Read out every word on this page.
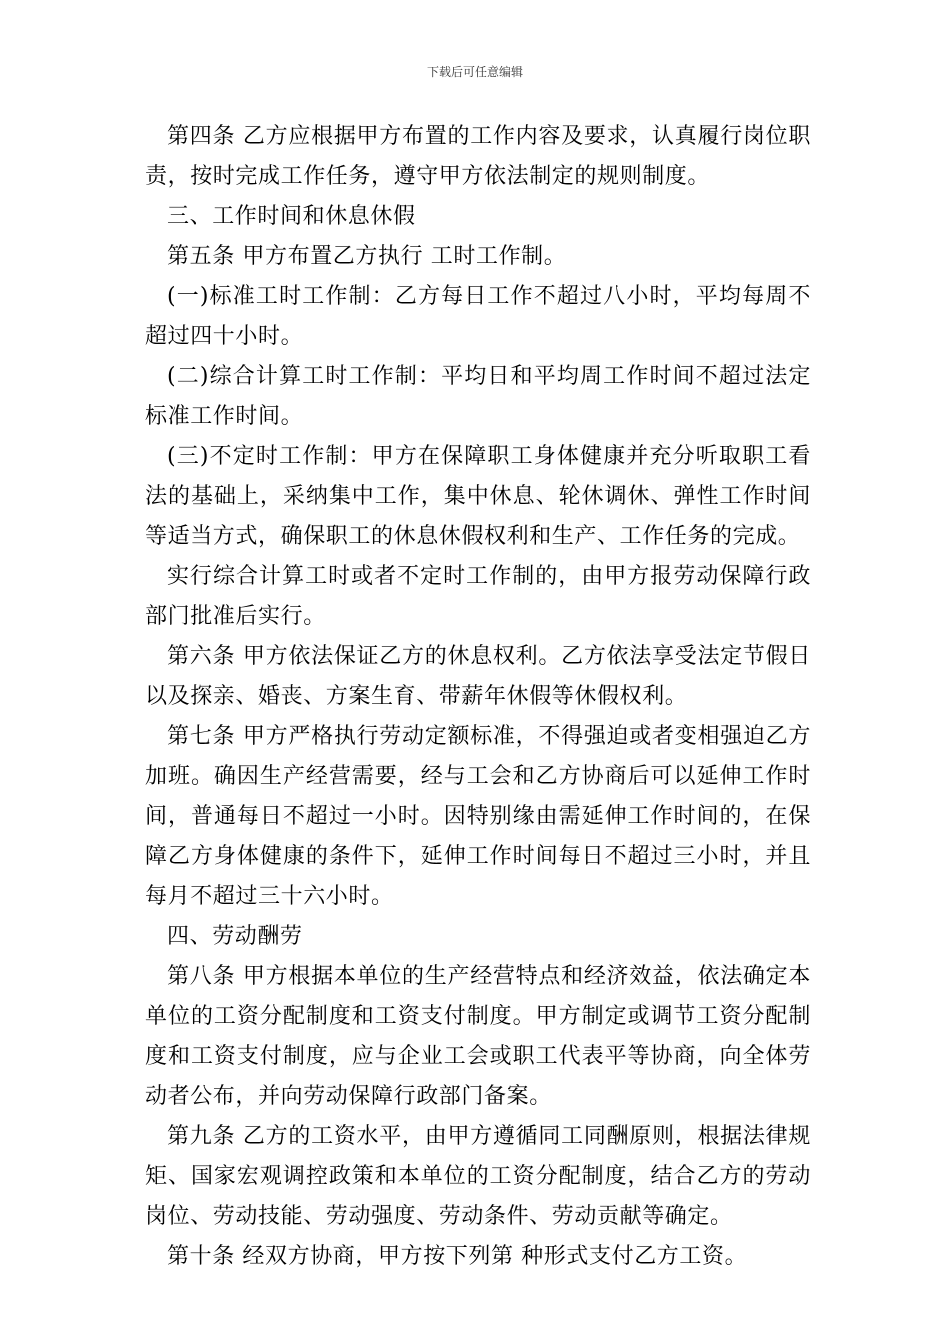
下载后可任意编辑

第四条 乙方应根据甲方布置的工作内容及要求，认真履行岗位职责，按时完成工作任务，遵守甲方依法制定的规则制度。

三、工作时间和休息休假

第五条 甲方布置乙方执行 工时工作制。

(一)标准工时工作制：乙方每日工作不超过八小时，平均每周不超过四十小时。

(二)综合计算工时工作制：平均日和平均周工作时间不超过法定标准工作时间。

(三)不定时工作制：甲方在保障职工身体健康并充分听取职工看法的基础上，采纳集中工作，集中休息、轮休调休、弹性工作时间等适当方式，确保职工的休息休假权利和生产、工作任务的完成。

实行综合计算工时或者不定时工作制的，由甲方报劳动保障行政部门批准后实行。

第六条 甲方依法保证乙方的休息权利。乙方依法享受法定节假日以及探亲、婚丧、方案生育、带薪年休假等休假权利。

第七条 甲方严格执行劳动定额标准，不得强迫或者变相强迫乙方加班。确因生产经营需要，经与工会和乙方协商后可以延伸工作时间，普通每日不超过一小时。因特别缘由需延伸工作时间的，在保障乙方身体健康的条件下，延伸工作时间每日不超过三小时，并且每月不超过三十六小时。

四、劳动酬劳

第八条 甲方根据本单位的生产经营特点和经济效益，依法确定本单位的工资分配制度和工资支付制度。甲方制定或调节工资分配制度和工资支付制度，应与企业工会或职工代表平等协商，向全体劳动者公布，并向劳动保障行政部门备案。

第九条 乙方的工资水平，由甲方遵循同工同酬原则，根据法律规矩、国家宏观调控政策和本单位的工资分配制度，结合乙方的劳动岗位、劳动技能、劳动强度、劳动条件、劳动贡献等确定。

第十条 经双方协商，甲方按下列第 种形式支付乙方工资。
